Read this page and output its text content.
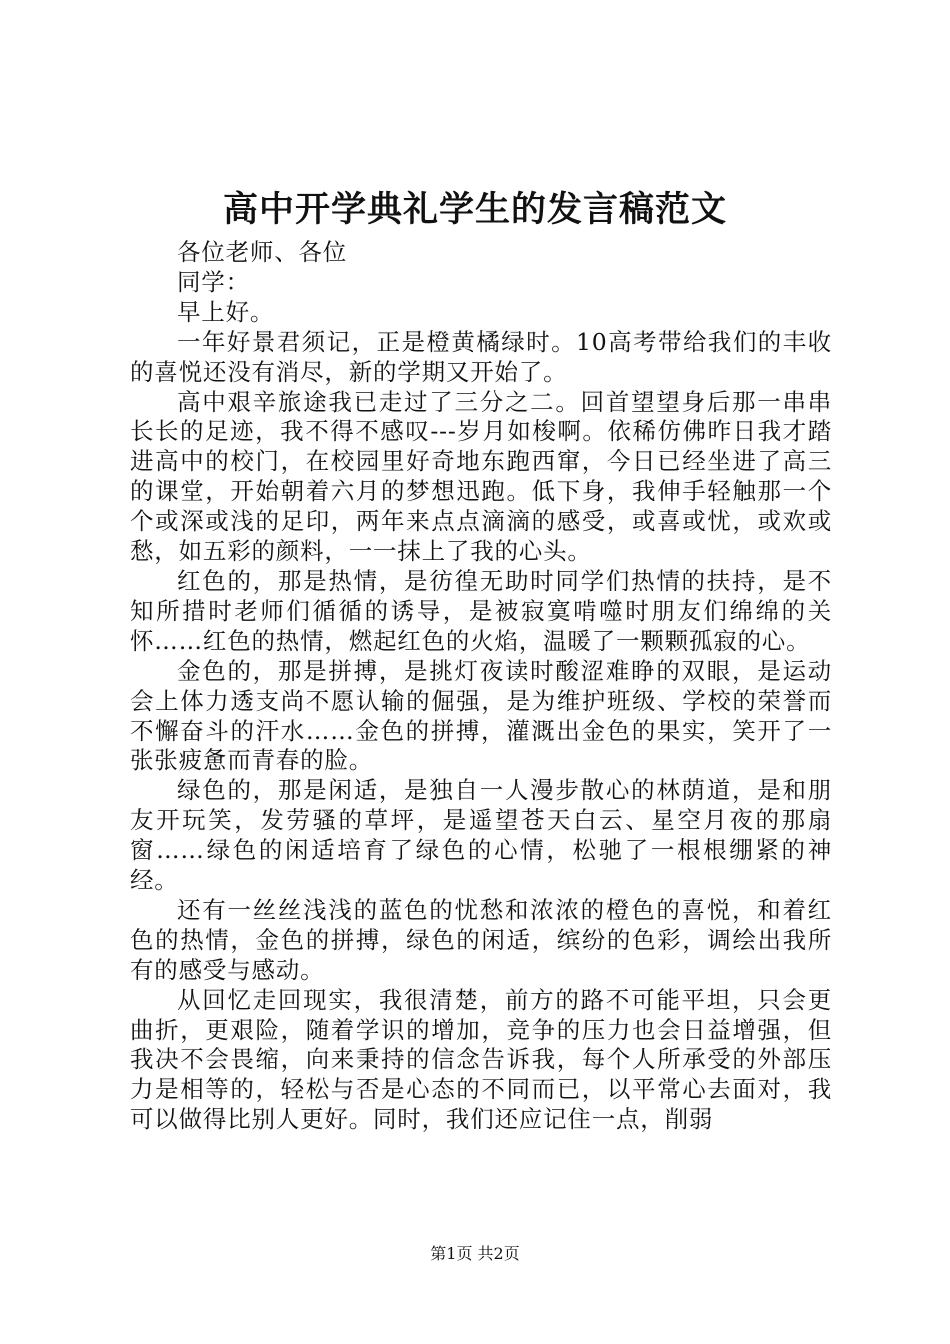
高中开学典礼学生的发言稿范文

各位老师、各位

同学：

早上好。

一年好景君须记，正是橙黄橘绿时。10高考带给我们的丰收的喜悦还没有消尽，新的学期又开始了。

高中艰辛旅途我已走过了三分之二。回首望望身后那一串串长长的足迹，我不得不感叹---岁月如梭啊。依稀仿佛昨日我才踏进高中的校门，在校园里好奇地东跑西窜，今日已经坐进了高三的课堂，开始朝着六月的梦想迅跑。低下身，我伸手轻触那一个个或深或浅的足印，两年来点点滴滴的感受，或喜或忧，或欢或愁，如五彩的颜料，一一抹上了我的心头。

红色的，那是热情，是彷徨无助时同学们热情的扶持，是不知所措时老师们循循的诱导，是被寂寞啃噬时朋友们绵绵的关怀……红色的热情，燃起红色的火焰，温暖了一颗颗孤寂的心。

金色的，那是拼搏，是挑灯夜读时酸涩难睁的双眼，是运动会上体力透支尚不愿认输的倔强，是为维护班级、学校的荣誉而不懈奋斗的汗水……金色的拼搏，灌溉出金色的果实，笑开了一张张疲惫而青春的脸。

绿色的，那是闲适，是独自一人漫步散心的林荫道，是和朋友开玩笑，发劳骚的草坪，是遥望苍天白云、星空月夜的那扇窗……绿色的闲适培育了绿色的心情，松驰了一根根绷紧的神经。

还有一丝丝浅浅的蓝色的忧愁和浓浓的橙色的喜悦，和着红色的热情，金色的拼搏，绿色的闲适，缤纷的色彩，调绘出我所有的感受与感动。

从回忆走回现实，我很清楚，前方的路不可能平坦，只会更曲折，更艰险，随着学识的增加，竞争的压力也会日益增强，但我决不会畏缩，向来秉持的信念告诉我，每个人所承受的外部压力是相等的，轻松与否是心态的不同而已，以平常心去面对，我可以做得比别人更好。同时，我们还应记住一点，削弱

第1页 共2页
